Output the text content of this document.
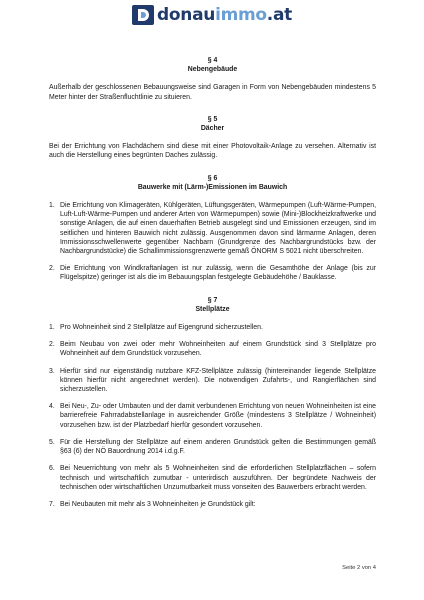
donauimmo.at
§ 4
Nebengebäude

Außerhalb der geschlossenen Bebauungsweise sind Garagen in Form von Nebengebäuden mindestens 5 Meter hinter der Straßenfluchtlinie zu situieren.

§ 5
Dächer

Bei der Errichtung von Flachdächern sind diese mit einer Photovoltaik-Anlage zu versehen. Alternativ ist auch die Herstellung eines begrünten Daches zulässig.

§ 6
Bauwerke mit (Lärm-)Emissionen im Bauwich
1. Die Errichtung von Klimageräten, Kühlgeräten, Lüftungsgeräten, Wärmepumpen (Luft-Wärme-Pumpen, Luft-Luft-Wärme-Pumpen und anderer Arten von Wärmepumpen) sowie (Mini-)Blockheizkraftwerke und sonstige Anlagen, die auf einen dauerhaften Betrieb ausgelegt sind und Emissionen erzeugen, sind im seitlichen und hinteren Bauwich nicht zulässig. Ausgenommen davon sind lärmarme Anlagen, deren Immissionsschwellenwerte gegenüber Nachbarn (Grundgrenze des Nachbargrundstücks bzw. der Nachbargrundstücke) die Schallimmissionsgrenzwerte gemäß ÖNORM S 5021 nicht überschreiten.
2. Die Errichtung von Windkraftanlagen ist nur zulässig, wenn die Gesamthöhe der Anlage (bis zur Flügelspitze) geringer ist als die im Bebauungsplan festgelegte Gebäudehöhe / Bauklasse.
§ 7
Stellplätze
1. Pro Wohneinheit sind 2 Stellplätze auf Eigengrund sicherzustellen.
2. Beim Neubau von zwei oder mehr Wohneinheiten auf einem Grundstück sind 3 Stellplätze pro Wohneinheit auf dem Grundstück vorzusehen.
3. Hierfür sind nur eigenständig nutzbare KFZ-Stellplätze zulässig (hintereinander liegende Stellplätze können hierfür nicht angerechnet werden). Die notwendigen Zufahrts-, und Rangierflächen sind sicherzustellen.
4. Bei Neu-, Zu- oder Umbauten und der damit verbundenen Errichtung von neuen Wohneinheiten ist eine barrierefreie Fahrradabstellanlage in ausreichender Größe (mindestens 3 Stellplätze / Wohneinheit) vorzusehen bzw. ist der Platzbedarf hierfür gesondert vorzusehen.
5. Für die Herstellung der Stellplätze auf einem anderen Grundstück gelten die Bestimmungen gemäß §63 (6) der NÖ Bauordnung 2014 i.d.g.F.
6. Bei Neuerrichtung von mehr als 5 Wohneinheiten sind die erforderlichen Stellplatzflächen – sofern technisch und wirtschaftlich zumutbar - unterirdisch auszuführen. Der begründete Nachweis der technischen oder wirtschaftlichen Unzumutbarkeit muss vonseiten des Bauwerbers erbracht werden.
7. Bei Neubauten mit mehr als 3 Wohneinheiten je Grundstück gilt:
Seite 2 von 4
